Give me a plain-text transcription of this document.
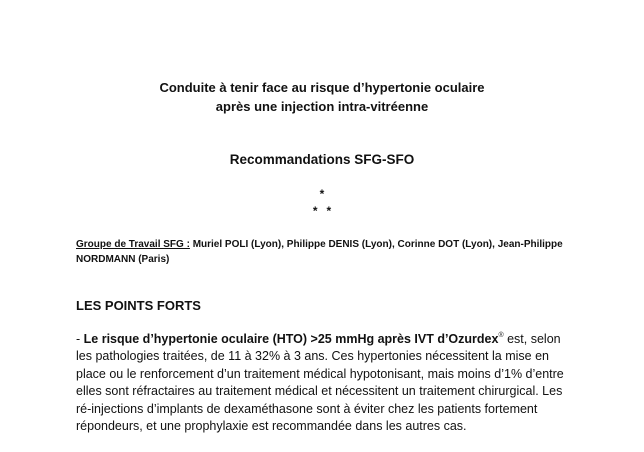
Conduite à tenir face au risque d’hypertonie oculaire
après une injection intra-vitréenne
Recommandations SFG-SFO
*
**
Groupe de Travail SFG : Muriel POLI (Lyon), Philippe DENIS (Lyon), Corinne DOT (Lyon), Jean-Philippe NORDMANN (Paris)
LES POINTS FORTS
- Le risque d’hypertonie oculaire (HTO) >25 mmHg après IVT d’Ozurdex® est, selon les pathologies traitées, de 11 à 32% à 3 ans. Ces hypertonies nécessitent la mise en place ou le renforcement d’un traitement médical hypotonisant, mais moins d’1% d’entre elles sont réfractaires au traitement médical et nécessitent un traitement chirurgical. Les ré-injections d’implants de dexaméthasone sont à éviter chez les patients fortement répondeurs, et une prophylaxie est recommandée dans les autres cas.
